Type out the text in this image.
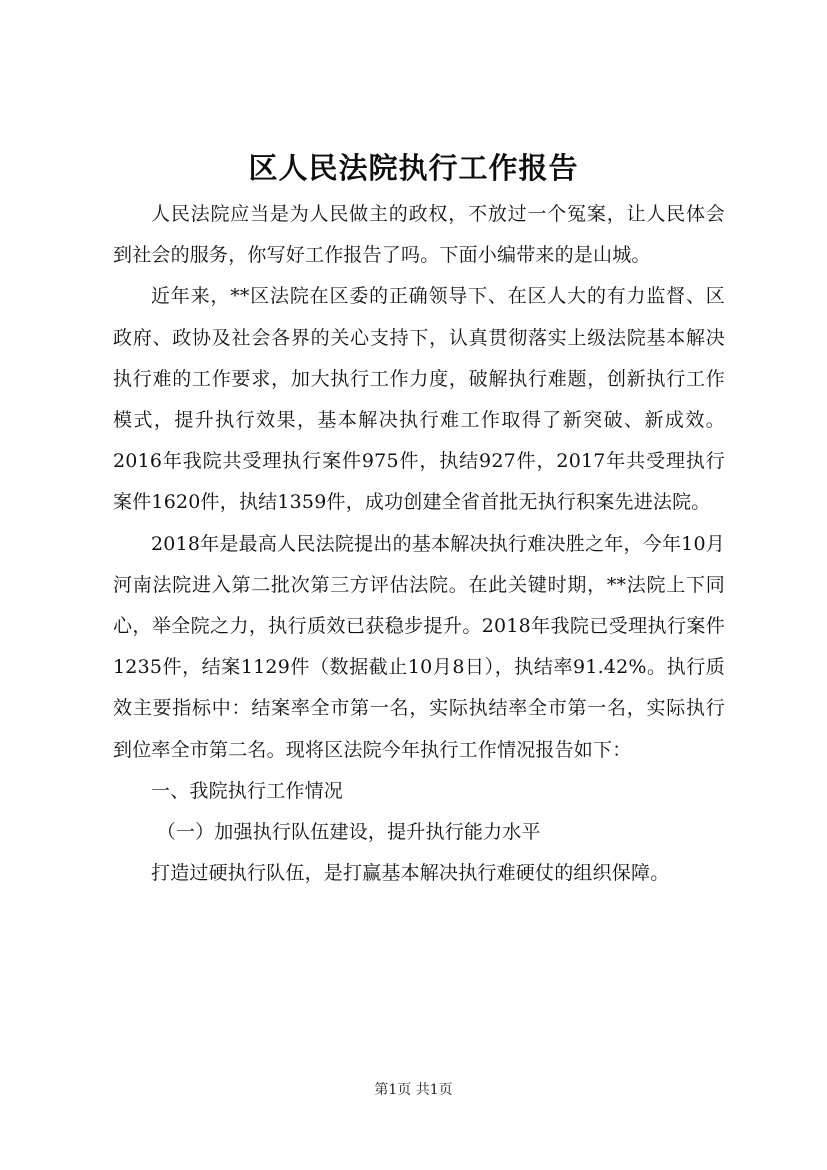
区人民法院执行工作报告

人民法院应当是为人民做主的政权，不放过一个冤案，让人民体会到社会的服务，你写好工作报告了吗。下面小编带来的是山城。

近年来，**区法院在区委的正确领导下、在区人大的有力监督、区政府、政协及社会各界的关心支持下，认真贯彻落实上级法院基本解决执行难的工作要求，加大执行工作力度，破解执行难题，创新执行工作模式，提升执行效果，基本解决执行难工作取得了新突破、新成效。2016年我院共受理执行案件975件，执结927件，2017年共受理执行案件1620件，执结1359件，成功创建全省首批无执行积案先进法院。

2018年是最高人民法院提出的基本解决执行难决胜之年，今年10月河南法院进入第二批次第三方评估法院。在此关键时期，**法院上下同心，举全院之力，执行质效已获稳步提升。2018年我院已受理执行案件1235件，结案1129件（数据截止10月8日），执结率91.42%。执行质效主要指标中：结案率全市第一名，实际执结率全市第一名，实际执行到位率全市第二名。现将区法院今年执行工作情况报告如下：

一、我院执行工作情况

（一）加强执行队伍建设，提升执行能力水平

打造过硬执行队伍，是打赢基本解决执行难硬仗的组织保障。

第1页 共1页
